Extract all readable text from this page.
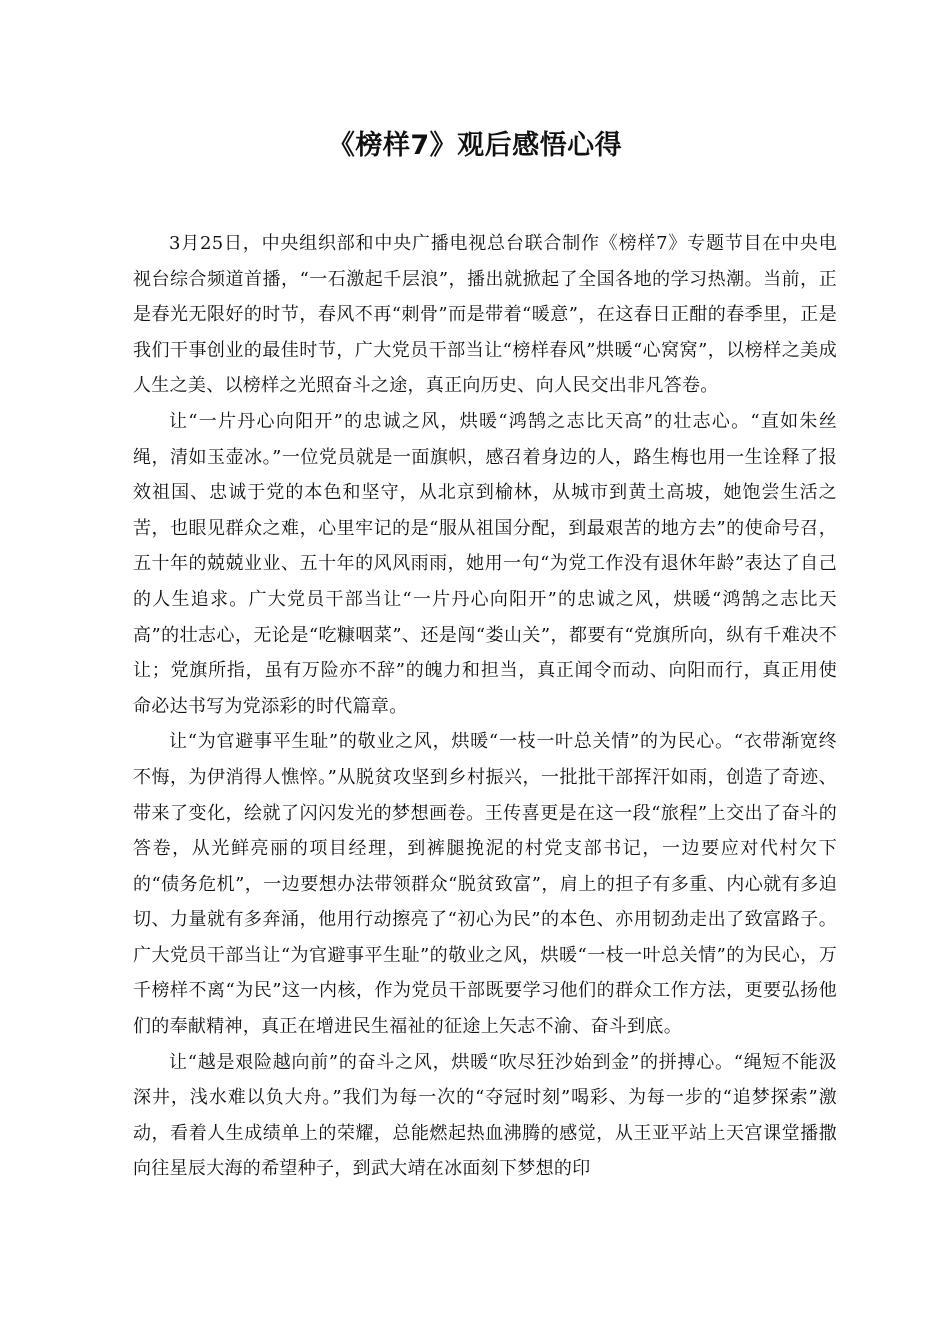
《榜样7》观后感悟心得

3月25日，中央组织部和中央广播电视总台联合制作《榜样7》专题节目在中央电视台综合频道首播，“一石激起千层浪”，播出就掀起了全国各地的学习热潮。当前，正是春光无限好的时节，春风不再“刺骨”而是带着“暖意”，在这春日正酣的春季里，正是我们干事创业的最佳时节，广大党员干部当让“榜样春风”烘暖“心窝窝”，以榜样之美成人生之美、以榜样之光照奋斗之途，真正向历史、向人民交出非凡答卷。

让“一片丹心向阳开”的忠诚之风，烘暖“鸿鹄之志比天高”的壮志心。“直如朱丝绳，清如玉壶冰。”一位党员就是一面旗帜，感召着身边的人，路生梅也用一生诠释了报效祖国、忠诚于党的本色和坚守，从北京到榆林，从城市到黄土高坡，她饱尝生活之苦，也眼见群众之难，心里牢记的是“服从祖国分配，到最艰苦的地方去”的使命号召，五十年的兢兢业业、五十年的风风雨雨，她用一句“为党工作没有退休年龄”表达了自己的人生追求。广大党员干部当让“一片丹心向阳开”的忠诚之风，烘暖“鸿鹄之志比天高”的壮志心，无论是“吃糠咽菜”、还是闯“娄山关”，都要有“党旗所向，纵有千难决不让；党旗所指，虽有万险亦不辞”的魄力和担当，真正闻令而动、向阳而行，真正用使命必达书写为党添彩的时代篇章。

让“为官避事平生耻”的敬业之风，烘暖“一枝一叶总关情”的为民心。“衣带渐宽终不悔，为伊消得人憔悴。”从脱贫攻坚到乡村振兴，一批批干部挥汗如雨，创造了奇迹、带来了变化，绘就了闪闪发光的梦想画卷。王传喜更是在这一段“旅程”上交出了奋斗的答卷，从光鲜亮丽的项目经理，到裤腿挽泥的村党支部书记，一边要应对代村欠下的“债务危机”，一边要想办法带领群众“脱贫致富”，肩上的担子有多重、内心就有多迫切、力量就有多奔涌，他用行动擦亮了“初心为民”的本色、亦用韧劲走出了致富路子。广大党员干部当让“为官避事平生耻”的敬业之风，烘暖“一枝一叶总关情”的为民心，万千榜样不离“为民”这一内核，作为党员干部既要学习他们的群众工作方法，更要弘扬他们的奉献精神，真正在增进民生福祉的征途上矢志不渝、奋斗到底。

让“越是艰险越向前”的奋斗之风，烘暖“吹尽狂沙始到金”的拼搏心。“绳短不能汲深井，浅水难以负大舟。”我们为每一次的“夺冠时刻”喝彩、为每一步的“追梦探索”激动，看着人生成绩单上的荣耀，总能燃起热血沸腾的感觉，从王亚平站上天宫课堂播撒向往星辰大海的希望种子，到武大靖在冰面刻下梦想的印
